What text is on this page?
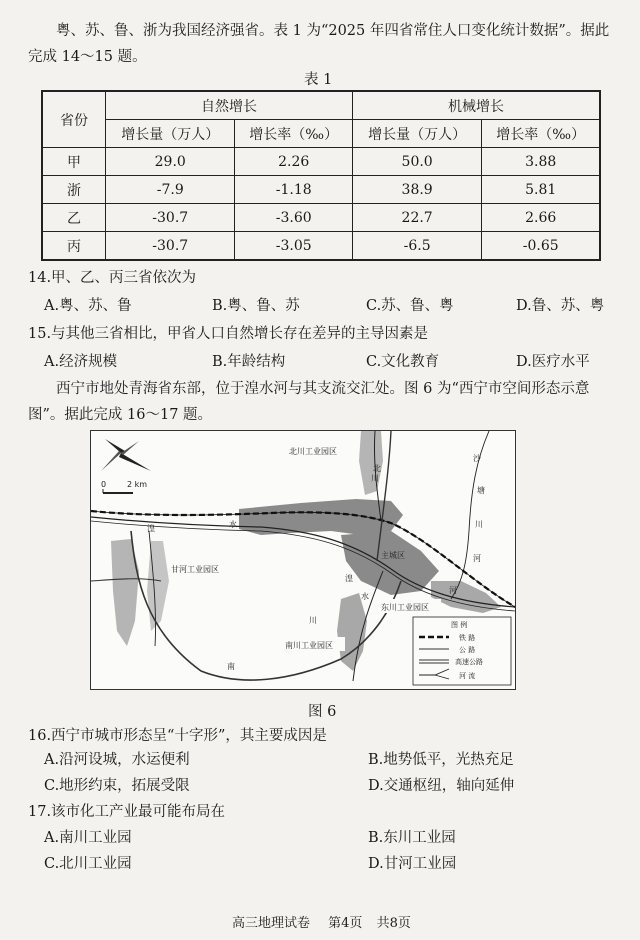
粤、苏、鲁、浙为我国经济强省。表 1 为“2025 年四省常住人口变化统计数据”。据此完成 14～15 题。
表 1
省份	自然增长		机械增长	
	增长量（万人）	增长率（‰）	增长量（万人）	增长率（‰）
甲	29.0	2.26	50.0	3.88
浙	-7.9	-1.18	38.9	5.81
乙	-30.7	-3.60	22.7	2.66
丙	-30.7	-3.05	-6.5	-0.65
14.甲、乙、丙三省依次为
A.粤、苏、鲁	B.粤、鲁、苏	C.苏、鲁、粤	D.鲁、苏、粤
15.与其他三省相比，甲省人口自然增长存在差异的主导因素是
A.经济规模	B.年龄结构	C.文化教育	D.医疗水平
西宁市地处青海省东部，位于湟水河与其支流交汇处。图 6 为“西宁市空间形态示意图”。据此完成 16～17 题。
0	2 km
北川工业园区
甘河工业园区
东川工业园区
南川工业园区
主城区
湟	水
沙
塘
川
河
湟
水
河
南
川
北
川
图 例
铁 路
公 路
高速公路
河 流
图 6
16.西宁市城市形态呈“十字形”，其主要成因是
A.沿河设城，水运便利	B.地势低平，光热充足
C.地形约束，拓展受限	D.交通枢纽，轴向延伸
17.该市化工产业最可能布局在
A.南川工业园	B.东川工业园
C.北川工业园	D.甘河工业园
高三地理试卷 第4页 共8页
